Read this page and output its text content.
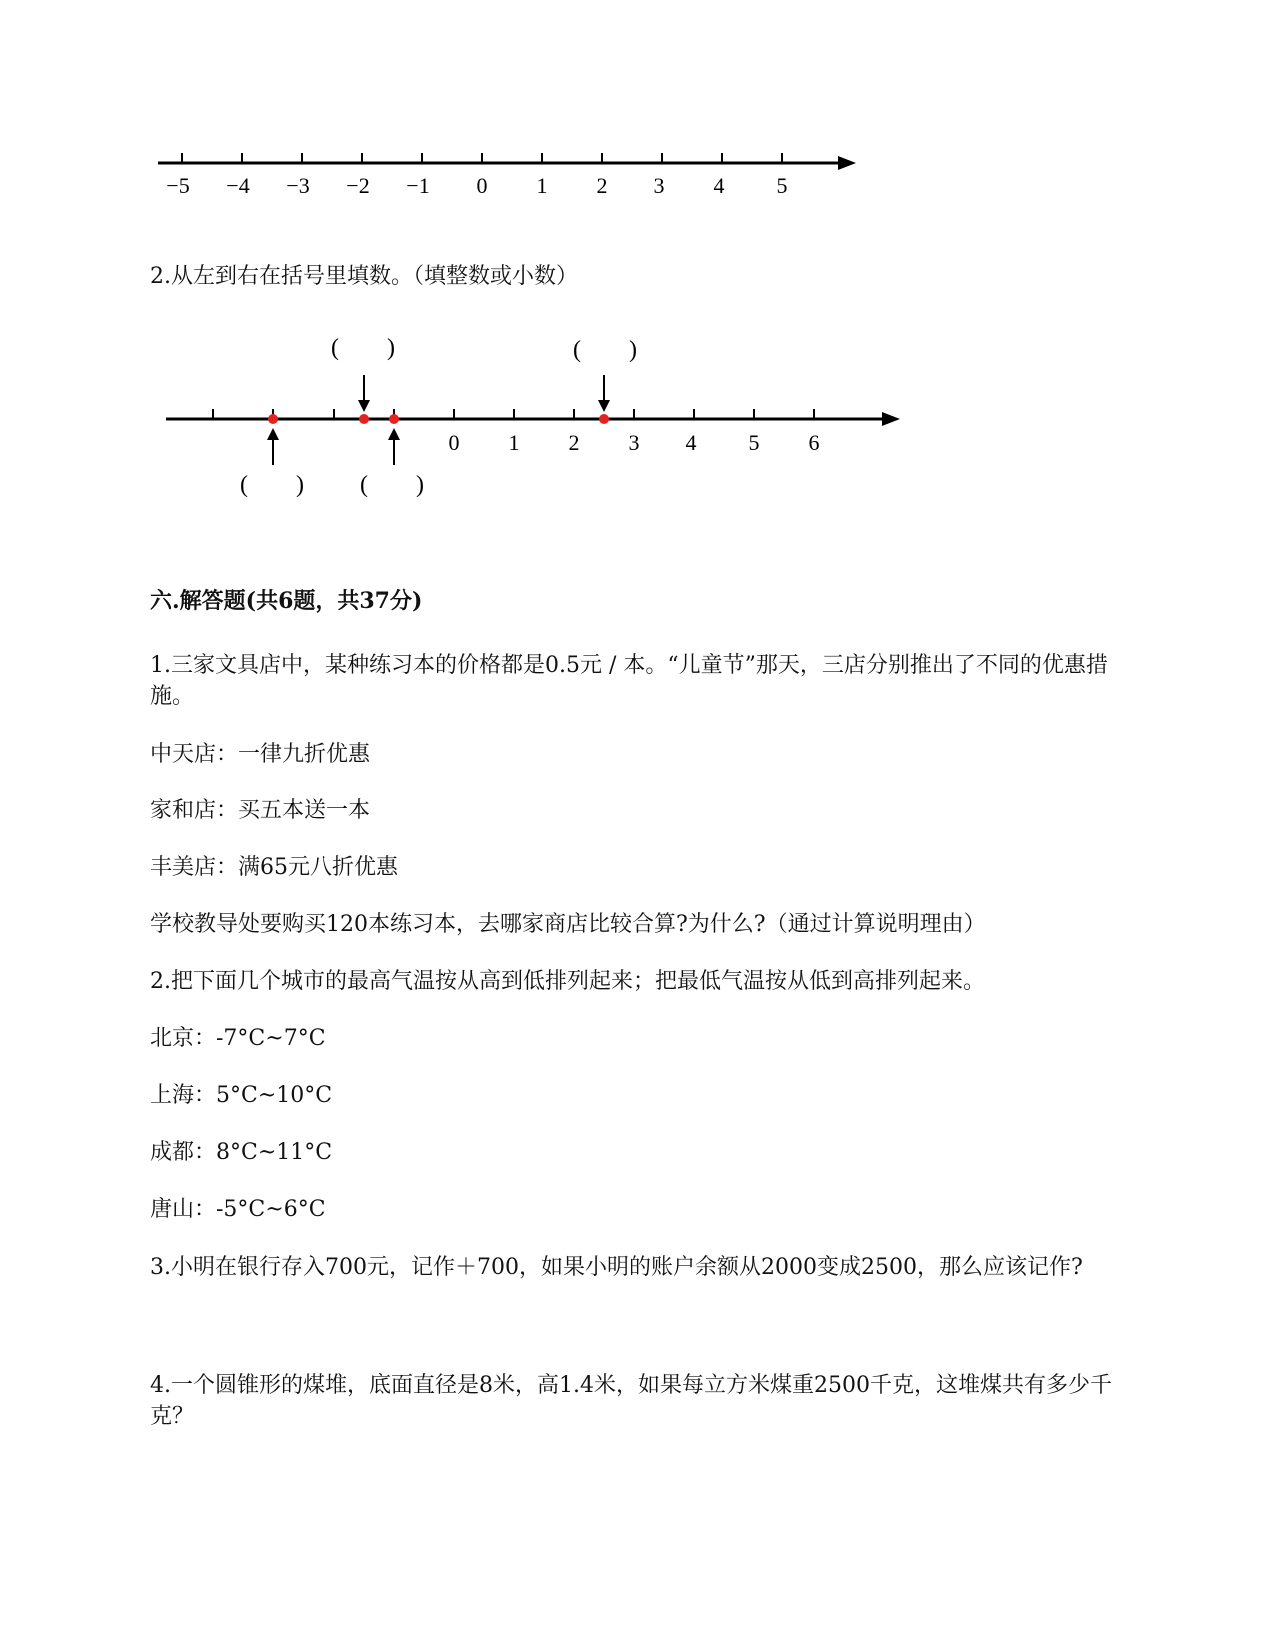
−5 −4 −3 −2 −1 0 1 2 3 4 5
2.从左到右在括号里填数。（填整数或小数）
0 1 2 3 4 5 6
(　　)	(　　)
(　　) (　　)
六.解答题(共6题，共37分)
1.三家文具店中，某种练习本的价格都是0.5元 / 本。“儿童节”那天，三店分别推出了不同的优惠措施。
中天店：一律九折优惠
家和店：买五本送一本
丰美店：满65元八折优惠
学校教导处要购买120本练习本，去哪家商店比较合算?为什么?（通过计算说明理由）
2.把下面几个城市的最高气温按从高到低排列起来；把最低气温按从低到高排列起来。
北京：-7°C~7°C
上海：5°C~10°C
成都：8°C~11°C
唐山：-5°C~6°C
3.小明在银行存入700元，记作＋700，如果小明的账户余额从2000变成2500，那么应该记作?
4.一个圆锥形的煤堆，底面直径是8米，高1.4米，如果每立方米煤重2500千克，这堆煤共有多少千克？
